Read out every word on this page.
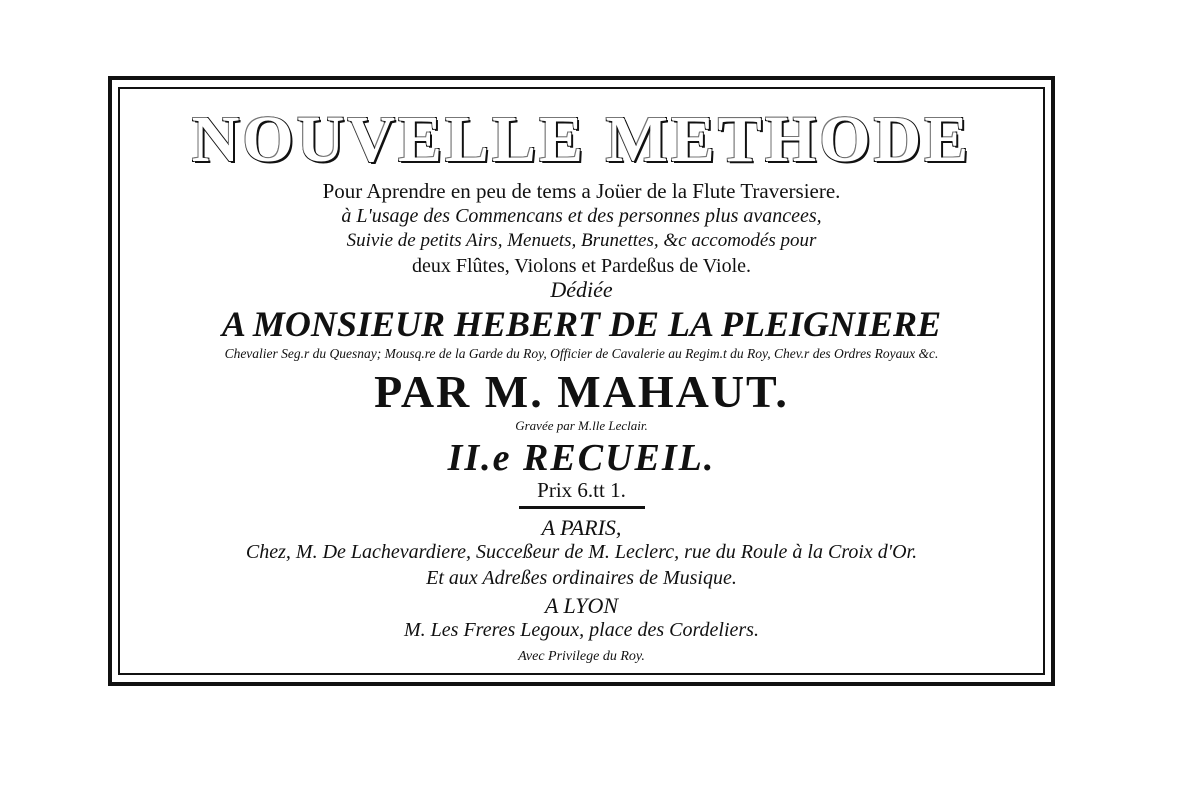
NOUVELLE METHODE
Pour Aprendre en peu de tems a Joüer de la Flute Traversiere.
à L'usage des Commencans et des personnes plus avancees,
Suivie de petits Airs, Menuets, Brunettes, &c accomodés pour
deux Flûtes, Violons et Pardeßus de Viole.
Dédiée
A MONSIEUR HEBERT DE LA PLEIGNIERE
Chevalier Seg.r du Quesnay; Mousq.re de la Garde du Roy, Officier de Cavalerie au Regim.t du Roy, Chev.r des Ordres Royaux &c.
PAR M. MAHAUT.
Gravée par M.lle Leclair.
II.e RECUEIL.
Prix 6.tt 1.
A PARIS,
Chez, M. De Lachevardiere, Succeßeur de M. Leclerc, rue du Roule à la Croix d'Or.
Et aux Adreßes ordinaires de Musique.
A LYON
M. Les Freres Legoux, place des Cordeliers.
Avec Privilege du Roy.
